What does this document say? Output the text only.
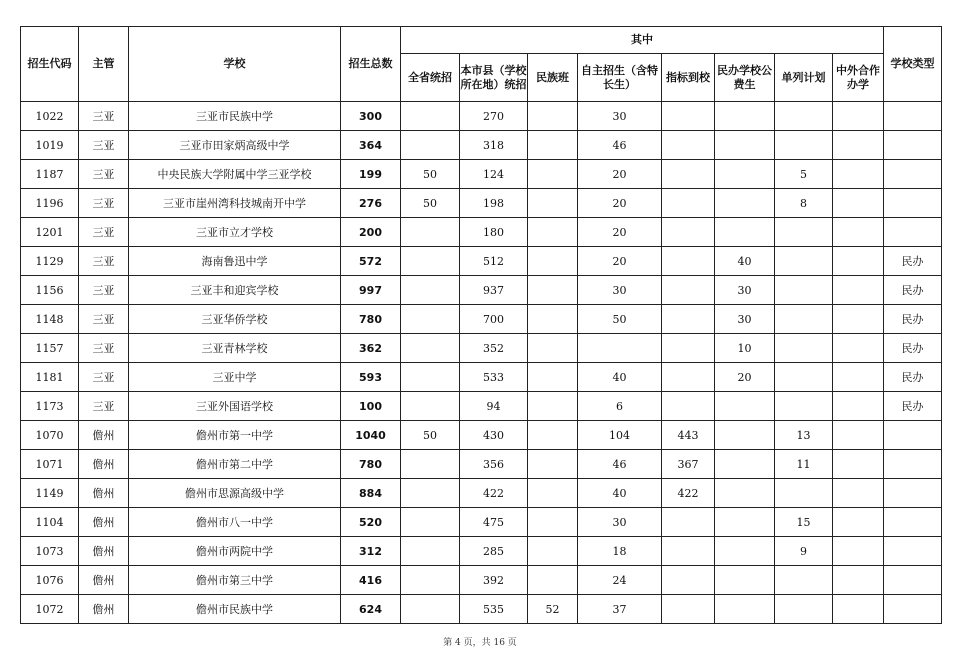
招生代码	主管	学校	招生总数	其中								学校类型
				全省统招	本市县（学校所在地）统招	民族班	自主招生（含特长生）	指标到校	民办学校公费生	单列计划	中外合作办学	
1022	三亚	三亚市民族中学	300		270		30					
1019	三亚	三亚市田家炳高级中学	364		318		46					
1187	三亚	中央民族大学附属中学三亚学校	199	50	124		20			5		
1196	三亚	三亚市崖州湾科技城南开中学	276	50	198		20			8		
1201	三亚	三亚市立才学校	200		180		20					
1129	三亚	海南鲁迅中学	572		512		20		40			民办
1156	三亚	三亚丰和迎宾学校	997		937		30		30			民办
1148	三亚	三亚华侨学校	780		700		50		30			民办
1157	三亚	三亚青林学校	362		352				10			民办
1181	三亚	三亚中学	593		533		40		20			民办
1173	三亚	三亚外国语学校	100		94		6					民办
1070	儋州	儋州市第一中学	1040	50	430		104	443		13		
1071	儋州	儋州市第二中学	780		356		46	367		11		
1149	儋州	儋州市思源高级中学	884		422		40	422				
1104	儋州	儋州市八一中学	520		475		30			15		
1073	儋州	儋州市两院中学	312		285		18			9		
1076	儋州	儋州市第三中学	416		392		24					
1072	儋州	儋州市民族中学	624		535	52	37					
第 4 页，共 16 页
